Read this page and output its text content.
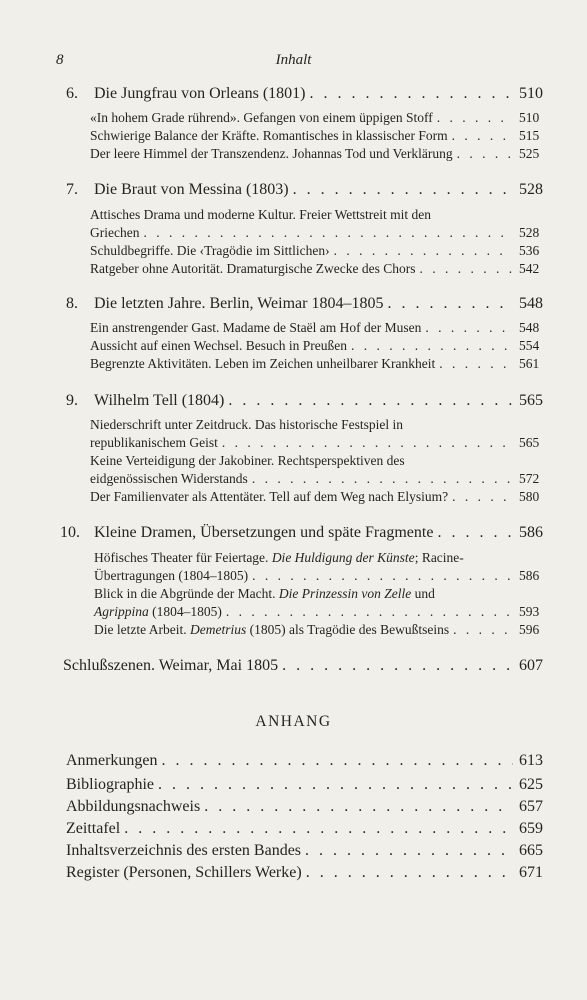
Inhalt
8
6.	Die Jungfrau von Orleans (1801) . . .	510
«In hohem Grade rührend». Gefangen von einem üppigen Stoff . . .	510
Schwierige Balance der Kräfte. Romantisches in klassischer Form . . .	515
Der leere Himmel der Transzendenz. Johannas Tod und Verklärung . . .	525
7.	Die Braut von Messina (1803) . . .	528
Attisches Drama und moderne Kultur. Freier Wettstreit mit den
Griechen . . .	528
Schuldbegriffe. Die ‹Tragödie im Sittlichen› . . .	536
Ratgeber ohne Autorität. Dramaturgische Zwecke des Chors . . .	542
8.	Die letzten Jahre. Berlin, Weimar 1804–1805 . . .	548
Ein anstrengender Gast. Madame de Staël am Hof der Musen . . .	548
Aussicht auf einen Wechsel. Besuch in Preußen . . .	554
Begrenzte Aktivitäten. Leben im Zeichen unheilbarer Krankheit . . .	561
9.	Wilhelm Tell (1804) . . .	565
Niederschrift unter Zeitdruck. Das historische Festspiel in
republikanischem Geist . . .	565
Keine Verteidigung der Jakobiner. Rechtsperspektiven des
eidgenössischen Widerstands . . .	572
Der Familienvater als Attentäter. Tell auf dem Weg nach Elysium? . . .	580
10. Kleine Dramen, Übersetzungen und späte Fragmente . . .	586
Höfisches Theater für Feiertage. Die Huldigung der Künste; Racine-
Übertragungen (1804–1805) . . .	586
Blick in die Abgründe der Macht. Die Prinzessin von Zelle und
Agrippina (1804–1805) . . .	593
Die letzte Arbeit. Demetrius (1805) als Tragödie des Bewußtseins . . .	596
Schlußszenen. Weimar, Mai 1805 . . .	607
ANHANG
Anmerkungen . . .	613
Bibliographie . . .	625
Abbildungsnachweis . . .	657
Zeittafel . . .	659
Inhaltsverzeichnis des ersten Bandes . . .	665
Register (Personen, Schillers Werke) . . .	671
